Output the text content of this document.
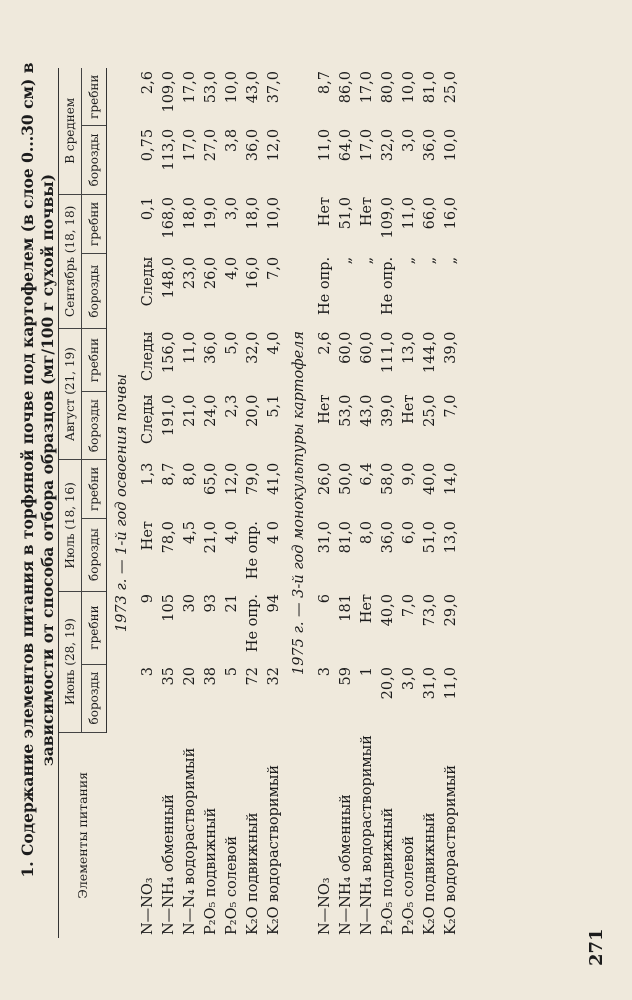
1. Содержание элементов питания в торфяной почве под картофелем (в слое 0...30 см) в зависимости от способа отбора образцов (мг/100 г сухой почвы)
Элементы питания	Июнь (28, 19)		Июль (18, 16)		Август (21, 19)		Сентябрь (18, 18)		В среднем	
	борозды	гребни	борозды	гребни	борозды	гребни	борозды	гребни	борозды	гребни
1973 г. — 1-й год освоения почвы										
N—NO₃	3	9	Нет	1,3	Следы	Следы	Следы	0,1	0,75	2,6
N—NH₄ обменный	35	105	78,0	8,7	191,0	156,0	148,0	168,0	113,0	109,0
N—N₄ водорастворимый	20	30	4,5	8,0	21,0	11,0	23,0	18,0	17,0	17,0
P₂O₅ подвижный	38	93	21,0	65,0	24,0	36,0	26,0	19,0	27,0	53,0
P₂O₅ солевой	5	21	4,0	12,0	2,3	5,0	4,0	3,0	3,8	10,0
K₂O подвижный	72	Не опр.	Не опр.	79,0	20,0	32,0	16,0	18,0	36,0	43,0
K₂O водорастворимый	32	94	4 0	41,0	5,1	4,0	7,0	10,0	12,0	37,0
1975 г. — 3-й год монокультуры картофеля										
N—NO₃	3	6	31,0	26,0	Нет	2,6	Не опр.	Нет	11,0	8,7
N—NH₄ обменный	59	181	81,0	50,0	53,0	60,0	„	51,0	64,0	86,0
N—NH₄ водорастворимый	1	Нет	8,0	6,4	43,0	60,0	„	Нет	17,0	17,0
P₂O₅ подвижный	20,0	40,0	36,0	58,0	39,0	111,0	Не опр.	109,0	32,0	80,0
P₂O₅ солевой	3,0	7,0	6,0	9,0	Нет	13,0	„	11,0	3,0	10,0
K₂O подвижный	31,0	73,0	51,0	40,0	25,0	144,0	„	66,0	36,0	81,0
K₂O водорастворимый	11,0	29,0	13,0	14,0	7,0	39,0	„	16,0	10,0	25,0
271
